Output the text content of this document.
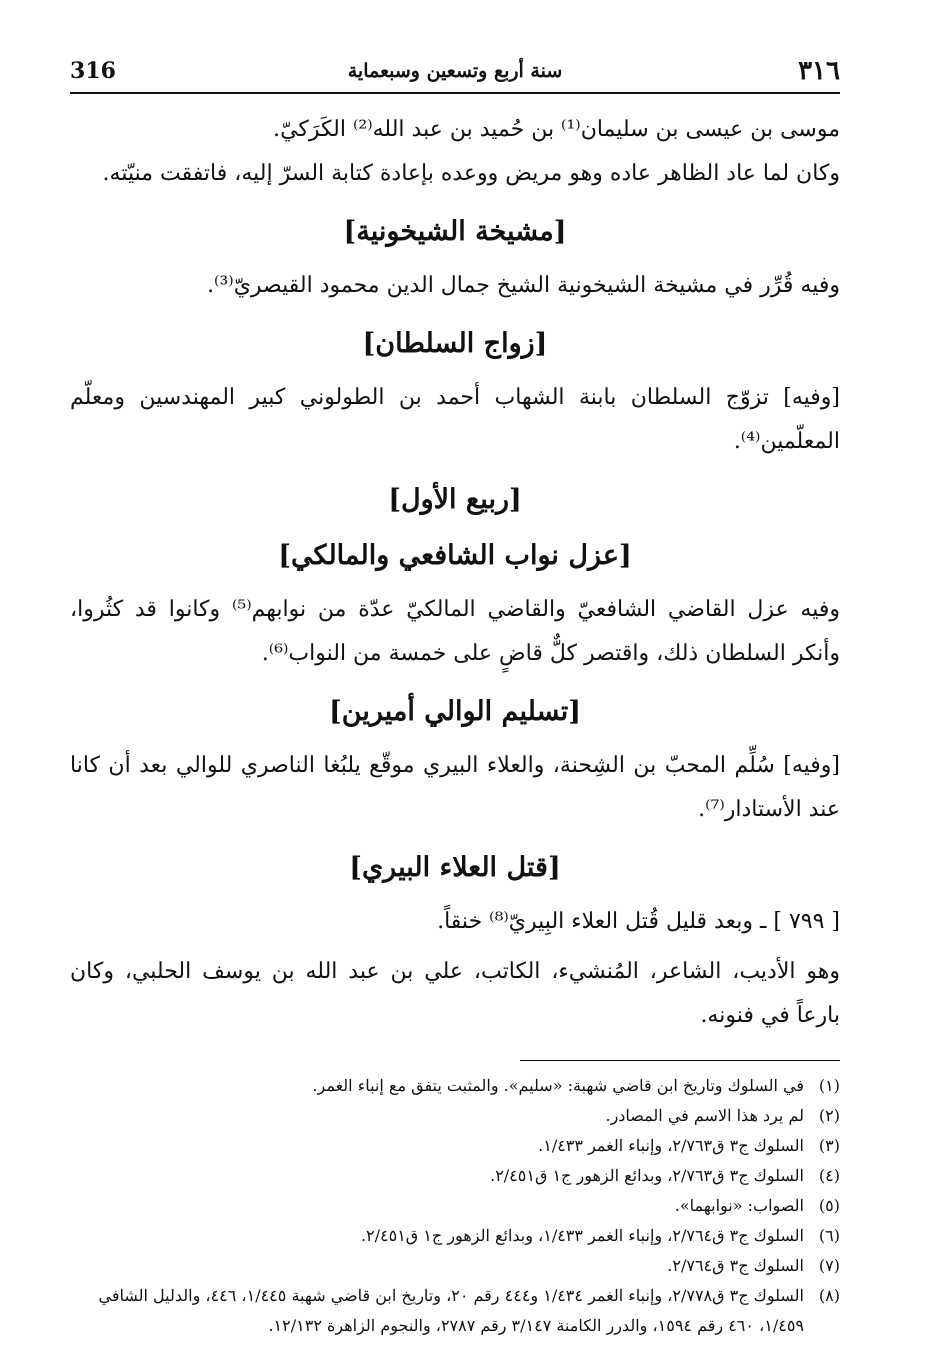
316	سنة أربع وتسعين وسبعماية	٣١٦

موسى بن عيسى بن سليمان⁽¹⁾ بن حُميد بن عبد الله⁽²⁾ الكَرَكيّ.

وكان لما عاد الظاهر عاده وهو مريض ووعده بإعادة كتابة السرّ إليه، فاتفقت منيّته.

[مشيخة الشيخونية]

وفيه قُرِّر في مشيخة الشيخونية الشيخ جمال الدين محمود القيصريّ⁽³⁾.

[زواج السلطان]

[وفيه] تزوّج السلطان بابنة الشهاب أحمد بن الطولوني كبير المهندسين ومعلّم المعلّمين⁽⁴⁾.

[ربيع الأول]
[عزل نواب الشافعي والمالكي]

وفيه عزل القاضي الشافعيّ والقاضي المالكيّ عدّة من نوابهم⁽⁵⁾ وكانوا قد كثُروا، وأنكر السلطان ذلك، واقتصر كلٌّ قاضٍ على خمسة من النواب⁽⁶⁾.

[تسليم الوالي أميرين]

[وفيه] سُلِّم المحبّ بن الشِحنة، والعلاء البيري موقّع يلبُغا الناصري للوالي بعد أن كانا عند الأستادار⁽⁷⁾.

[قتل العلاء البيري]

[ ٧٩٩ ] ـ وبعد قليل قُتل العلاء البِيريّ⁽⁸⁾ خنقاً.

وهو الأديب، الشاعر، المُنشيء، الكاتب، علي بن عبد الله بن يوسف الحلبي، وكان بارعاً في فنونه.

(١)
في السلوك وتاريخ ابن قاضي شهبة: «سليم». والمثبت يتفق مع إنباء الغمر.
(٢)
لم يرد هذا الاسم في المصادر.
(٣)
السلوك ج٣ ق٢/٧٦٣، وإنباء الغمر ١/٤٣٣.
(٤)
السلوك ج٣ ق٢/٧٦٣، وبدائع الزهور ج١ ق٢/٤٥١.
(٥)
الصواب: «نوابهما».
(٦)
السلوك ج٣ ق٢/٧٦٤، وإنباء الغمر ١/٤٣٣، وبدائع الزهور ج١ ق٢/٤٥١.
(٧)
السلوك ج٣ ق٢/٧٦٤.
(٨)
السلوك ج٣ ق٢/٧٧٨، وإنباء الغمر ١/٤٣٤ و٤٤٤ رقم ٢٠، وتاريخ ابن قاضي شهبة ١/٤٤٥، ٤٤٦، والدليل الشافي ١/٤٥٩، ٤٦٠ رقم ١٥٩٤، والدرر الكامنة ٣/١٤٧ رقم ٢٧٨٧، والنجوم الزاهرة ١٢/١٣٢.
